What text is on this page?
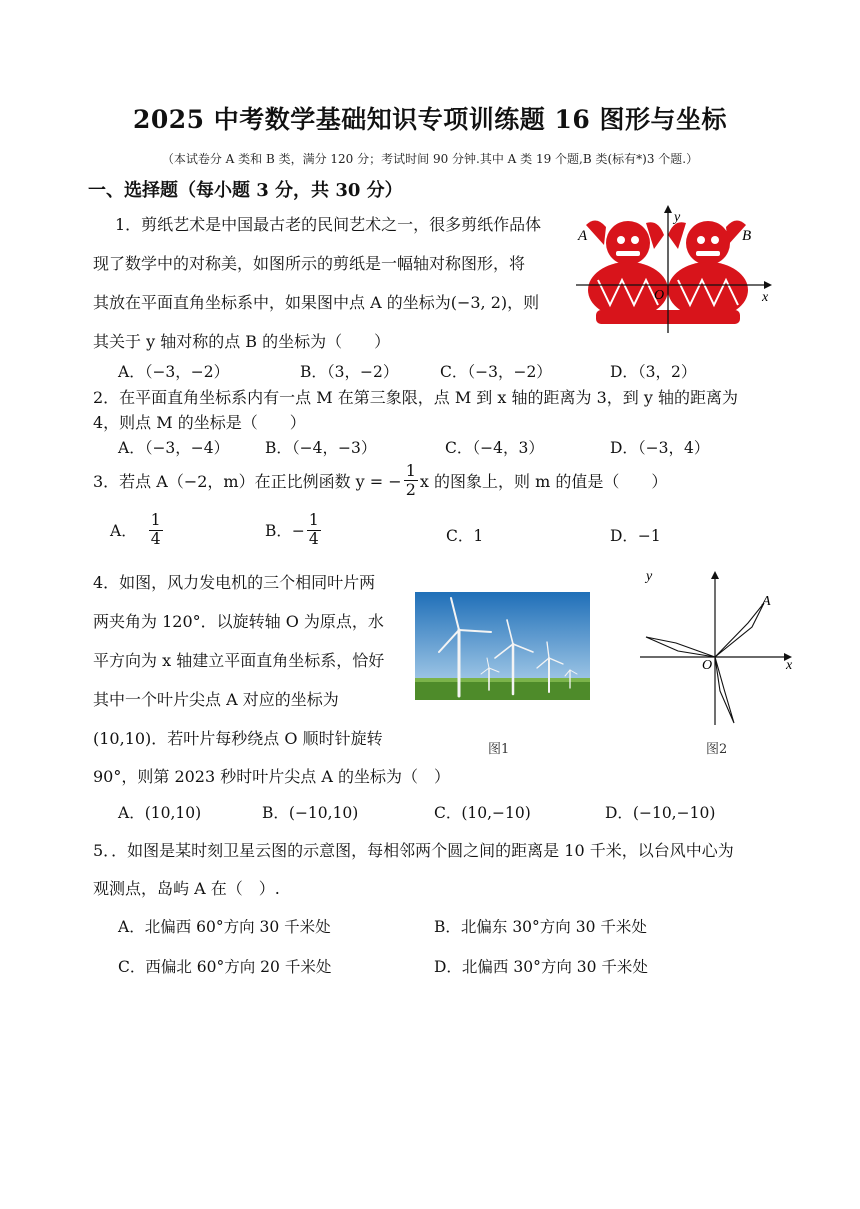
2025 中考数学基础知识专项训练题 16 图形与坐标
（本试卷分 A 类和 B 类，满分 120 分；考试时间 90 分钟.其中 A 类 19 个题,B 类(标有*)3 个题.）
一、选择题（每小题 3 分，共 30 分）
1．剪纸艺术是中国最古老的民间艺术之一，很多剪纸作品体
现了数学中的对称美，如图所示的剪纸是一幅轴对称图形，将
其放在平面直角坐标系中，如果图中点 A 的坐标为(−3, 2)，则
其关于 y 轴对称的点 B 的坐标为（　　）
A．（−3，−2）	B．（3，−2）	C．（−3，−2）	D．（3，2）
A	B
y
x
O
2．在平面直角坐标系内有一点 M 在第三象限，点 M 到 x 轴的距离为 3，到 y 轴的距离为
4，则点 M 的坐标是（　　）
A．（−3，−4） B．（−4，−3）	C．（−4，3）	D．（−3，4）
3．若点 A（−2，m）在正比例函数 y = − $\frac{1}{2}$ x 的图象上，则 m 的值是（　　）
A． $\frac{1}{4}$	B．− $\frac{1}{4}$	C．1	D．−1
4．如图，风力发电机的三个相同叶片两
两夹角为 120°．以旋转轴 O 为原点，水
平方向为 x 轴建立平面直角坐标系，恰好
其中一个叶片尖点 A 对应的坐标为
(10,10)．若叶片每秒绕点 O 顺时针旋转
90°，则第 2023 秒时叶片尖点 A 的坐标为（　）
图1
y
x
O
A
图2
A．(10,10)	B．(−10,10)	C．(10,−10)	D．(−10,−10)
5．．如图是某时刻卫星云图的示意图，每相邻两个圆之间的距离是 10 千米，以台风中心为
观测点，岛屿 A 在（　）.
A．北偏西 60°方向 30 千米处	B．北偏东 30°方向 30 千米处
C．西偏北 60°方向 20 千米处	D．北偏西 30°方向 30 千米处
